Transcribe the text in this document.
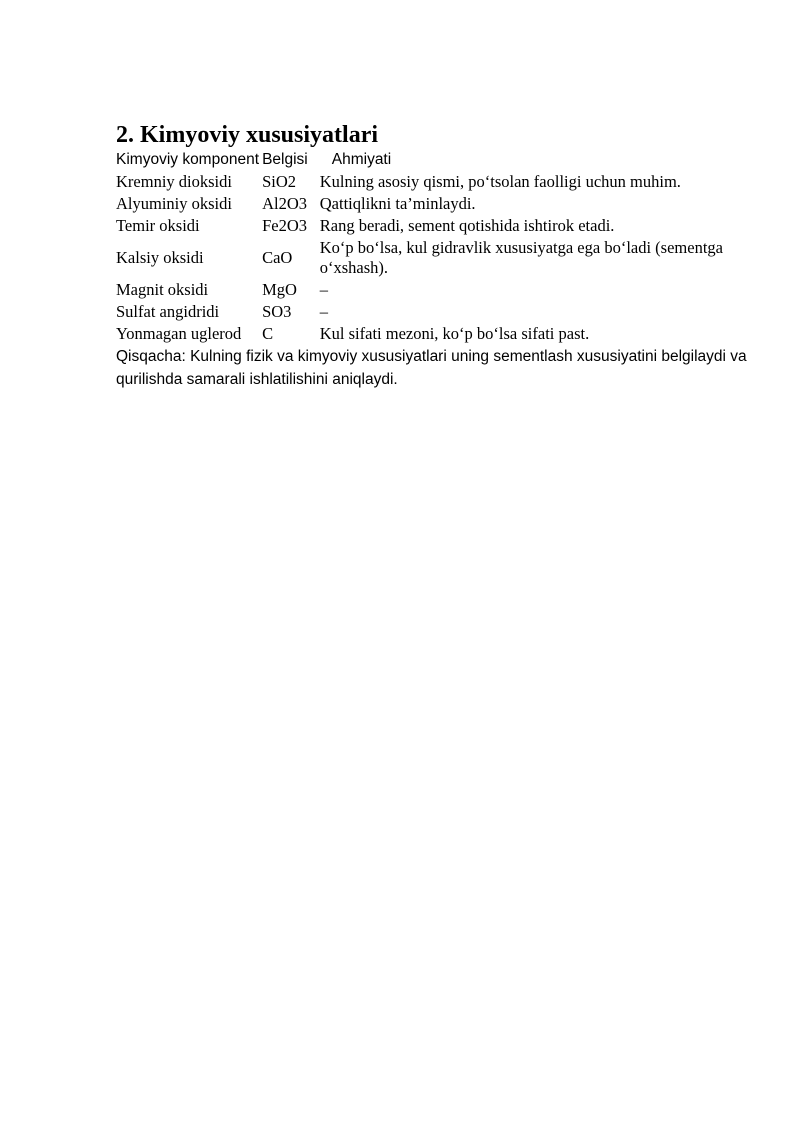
2. Kimyoviy xususiyatlari
Kimyoviy komponent	Belgisi	Ahmiyati
Kremniy dioksidi	SiO2	Kulning asosiy qismi, po‘tsolan faolligi uchun muhim.
Alyuminiy oksidi	Al2O3	Qattiqlikni ta’minlaydi.
Temir oksidi	Fe2O3	Rang beradi, sement qotishida ishtirok etadi.
Kalsiy oksidi	CaO	Ko‘p bo‘lsa, kul gidravlik xususiyatga ega bo‘ladi (sementga o‘xshash).
Magnit oksidi	MgO	–
Sulfat angidridi	SO3	–
Yonmagan uglerod	C	Kul sifati mezoni, ko‘p bo‘lsa sifati past.

Qisqacha: Kulning fizik va kimyoviy xususiyatlari uning sementlash xususiyatini belgilaydi va qurilishda samarali ishlatilishini aniqlaydi.
